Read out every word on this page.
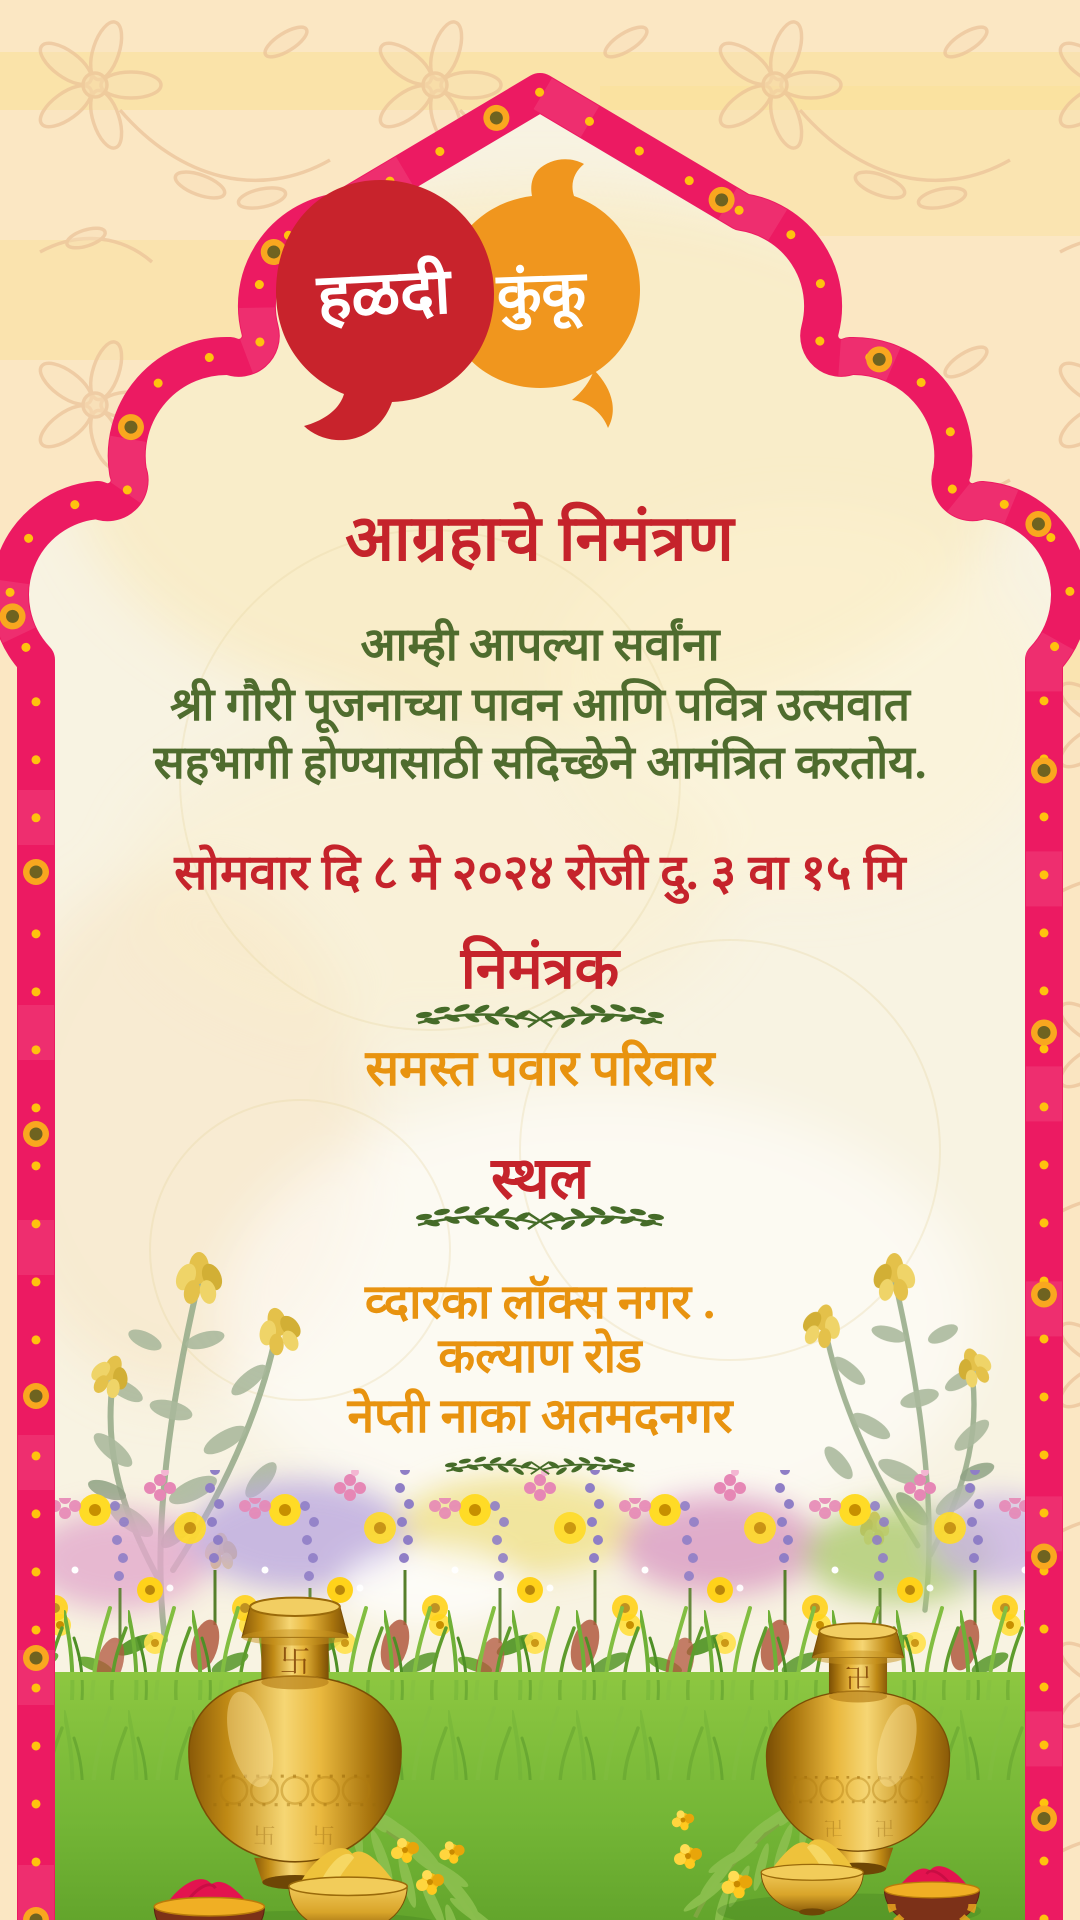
हळदी कुंकू
आग्रहाचे निमंत्रण
आम्ही आपल्या सर्वांना
श्री गौरी पूजनाच्या पावन आणि पवित्र उत्सवात
सहभागी होण्यासाठी सदिच्छेने आमंत्रित करतोय.
सोमवार दि ८ मे २०२४ रोजी दु. ३ वा १५ मि
निमंत्रक
समस्त पवार परिवार
स्थल
व्दारका लॉक्स नगर .
कल्याण रोड
नेप्ती नाका अतमदनगर
